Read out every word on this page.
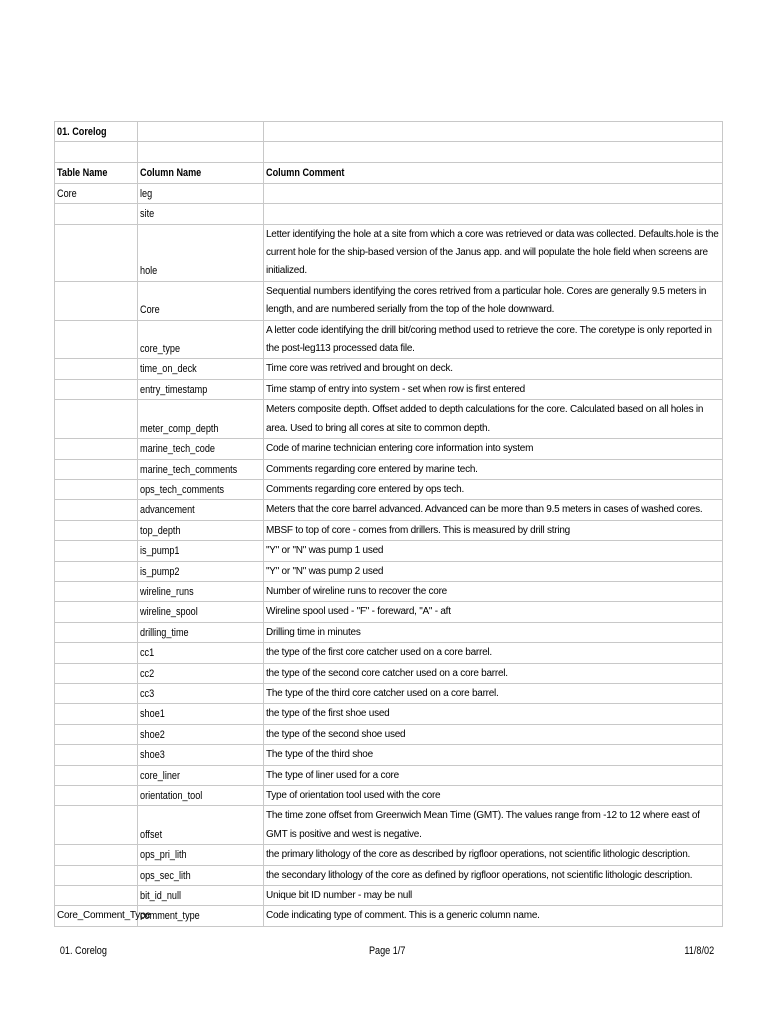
01. Corelog		

Table Name	Column Name	Column Comment
Core	leg	

	site	

	hole	Letter identifying the hole at a site from which a core was retrieved or data was collected. Defaults.hole is the current hole for the ship-based version of the Janus app. and will populate the hole field when screens are initialized.

	Core	Sequential numbers identifying the cores retrived from a particular hole. Cores are generally 9.5 meters in length, and are numbered serially from the top of the hole downward.

	core_type	A letter code identifying the drill bit/coring method used to retrieve the core. The coretype is only reported in the post-leg113 processed data file.

	time_on_deck	Time core was retrived and brought on deck.

	entry_timestamp	Time stamp of entry into system - set when row is first entered

	meter_comp_depth	Meters composite depth. Offset added to depth calculations for the core. Calculated based on all holes in area. Used to bring all cores at site to common depth.

	marine_tech_code	Code of marine technician entering core information into system

	marine_tech_comments	Comments regarding core entered by marine tech.

	ops_tech_comments	Comments regarding core entered by ops tech.

	advancement	Meters that the core barrel advanced. Advanced can be more than 9.5 meters in cases of washed cores.

	top_depth	MBSF to top of core - comes from drillers. This is measured by drill string

	is_pump1	"Y" or "N" was pump 1 used

	is_pump2	"Y" or "N" was pump 2 used

	wireline_runs	Number of wireline runs to recover the core

	wireline_spool	Wireline spool used - "F" - foreward, "A" - aft

	drilling_time	Drilling time in minutes

	cc1	the type of the first core catcher used on a core barrel.

	cc2	the type of the second core catcher used on a core barrel.

	cc3	The type of the third core catcher used on a core barrel.

	shoe1	the type of the first shoe used

	shoe2	the type of the second shoe used

	shoe3	The type of the third shoe

	core_liner	The type of liner used for a core

	orientation_tool	Type of orientation tool used with the core

	offset	The time zone offset from Greenwich Mean Time (GMT). The values range from -12 to 12 where east of GMT is positive and west is negative.

	ops_pri_lith	the primary lithology of the core as described by rigfloor operations, not scientific lithologic description.

	ops_sec_lith	the secondary lithology of the core as defined by rigfloor operations, not scientific lithologic description.

	bit_id_null	Unique bit ID number - may be null

Core_Comment_Type	comment_type	Code indicating type of comment. This is a generic column name.
01. Corelog	Page 1/7	11/8/02
